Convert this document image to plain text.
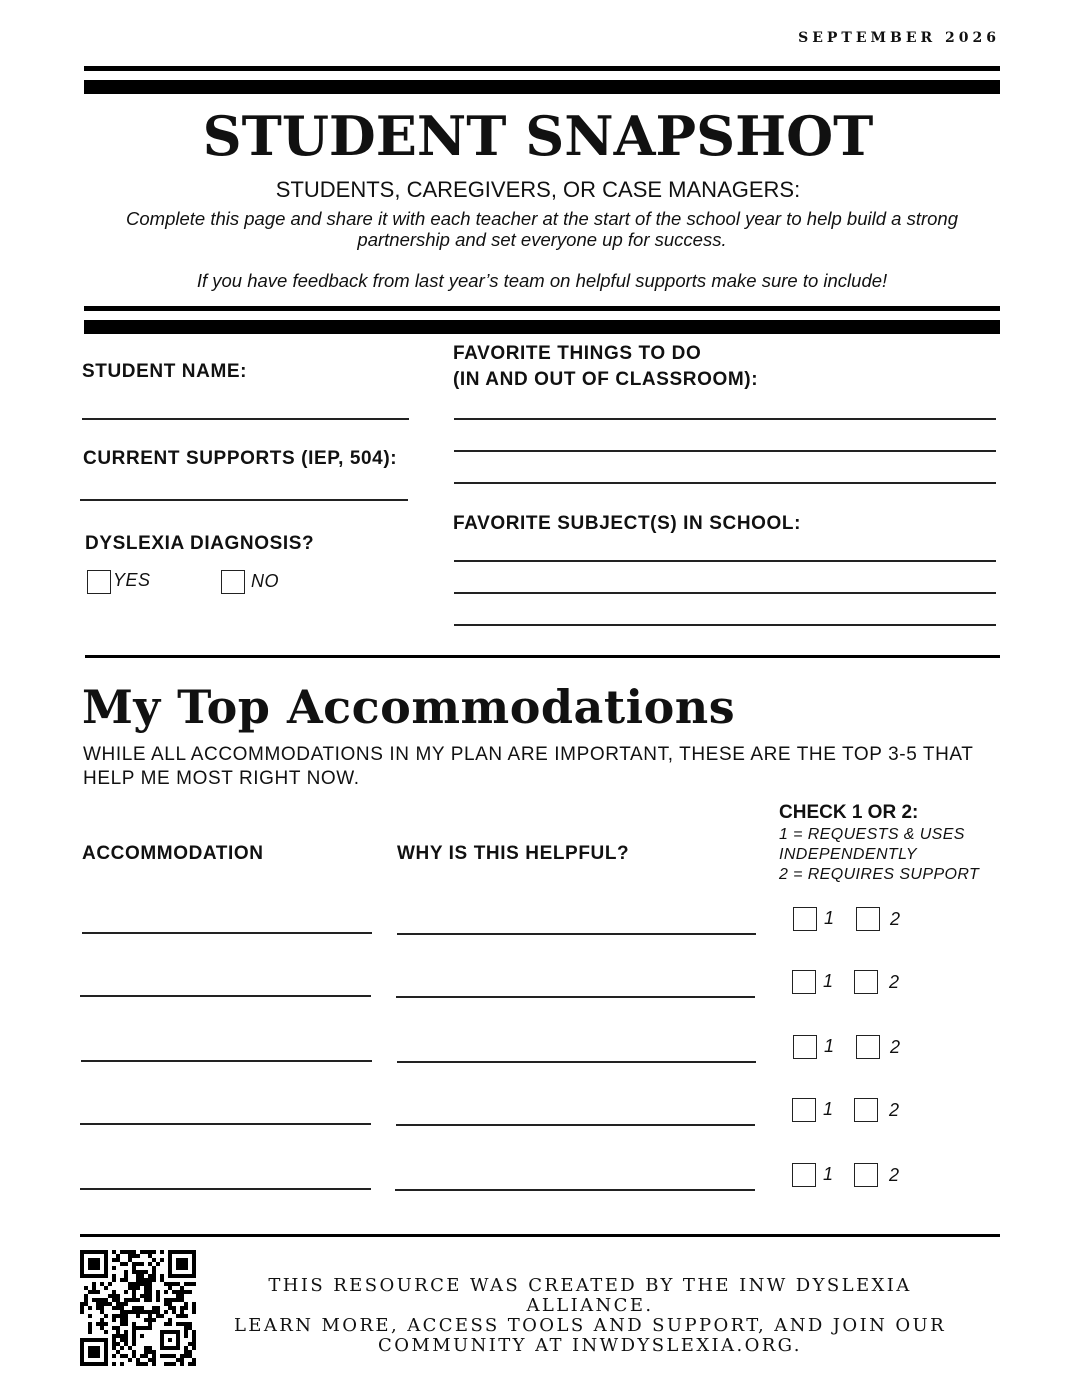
SEPTEMBER 2026
STUDENT SNAPSHOT
STUDENTS, CAREGIVERS, OR CASE MANAGERS:
Complete this page and share it with each teacher at the start of the school year to help build a strong partnership and set everyone up for success.
If you have feedback from last year’s team on helpful supports make sure to include!
STUDENT NAME:
CURRENT SUPPORTS (IEP, 504):
DYSLEXIA DIAGNOSIS?
YES	NO
FAVORITE THINGS TO DO
(IN AND OUT OF CLASSROOM):
FAVORITE SUBJECT(S) IN SCHOOL:
My Top Accommodations
WHILE ALL ACCOMMODATIONS IN MY PLAN ARE IMPORTANT, THESE ARE THE TOP 3-5 THAT HELP ME MOST RIGHT NOW.
ACCOMMODATION	WHY IS THIS HELPFUL?
CHECK 1 OR 2:
1 = REQUESTS & USES
INDEPENDENTLY
2 = REQUIRES SUPPORT
1	2
1	2
1	2
1	2
1	2
THIS RESOURCE WAS CREATED BY THE INW DYSLEXIA ALLIANCE.
LEARN MORE, ACCESS TOOLS AND SUPPORT, AND JOIN OUR
COMMUNITY AT INWDYSLEXIA.ORG.
